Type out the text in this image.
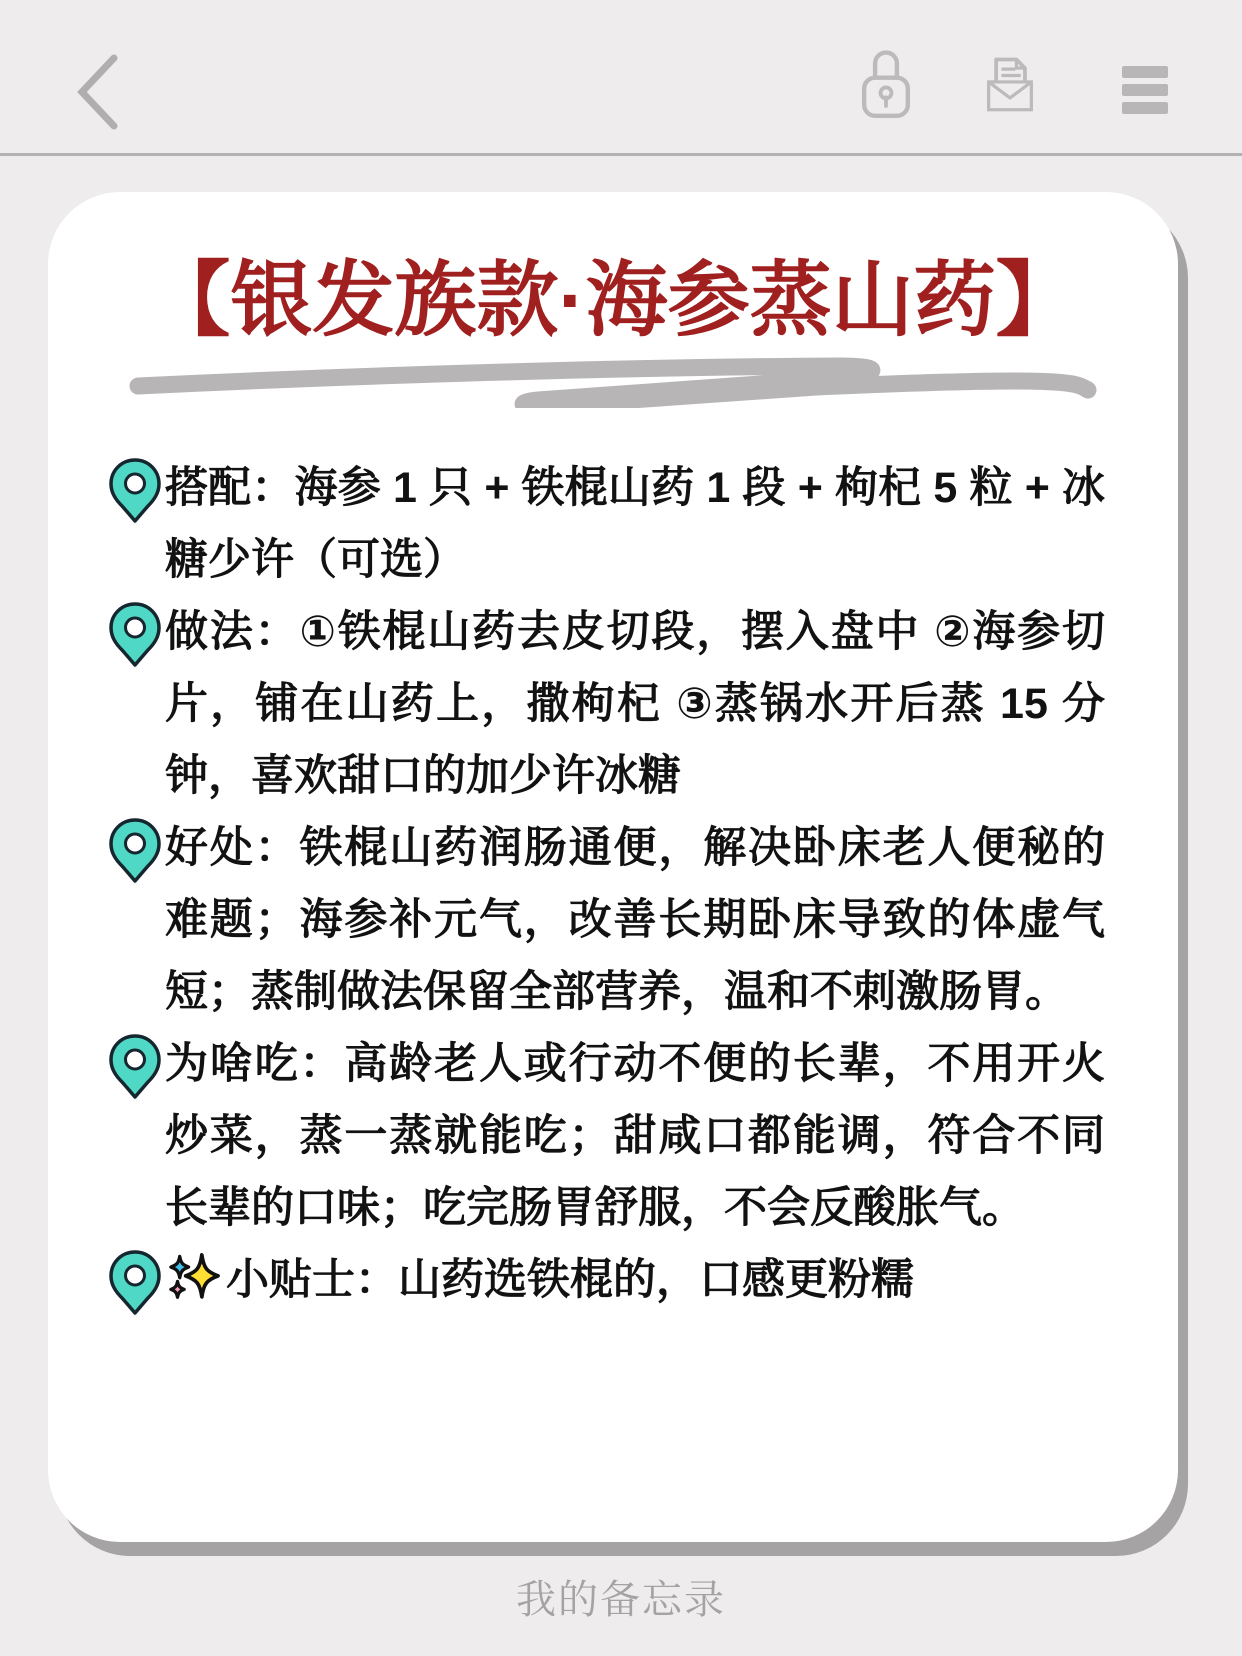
【银发族款·海参蒸山药】
搭配：海参 1 只 + 铁棍山药 1 段 + 枸杞 5 粒 + 冰糖少许（可选）
做法：①铁棍山药去皮切段，摆入盘中 ②海参切片，铺在山药上，撒枸杞 ③蒸锅水开后蒸 15 分钟，喜欢甜口的加少许冰糖
好处：铁棍山药润肠通便，解决卧床老人便秘的难题；海参补元气，改善长期卧床导致的体虚气短；蒸制做法保留全部营养，温和不刺激肠胃。
为啥吃：高龄老人或行动不便的长辈，不用开火炒菜，蒸一蒸就能吃；甜咸口都能调，符合不同长辈的口味；吃完肠胃舒服，不会反酸胀气。
小贴士：山药选铁棍的，口感更粉糯
我的备忘录
